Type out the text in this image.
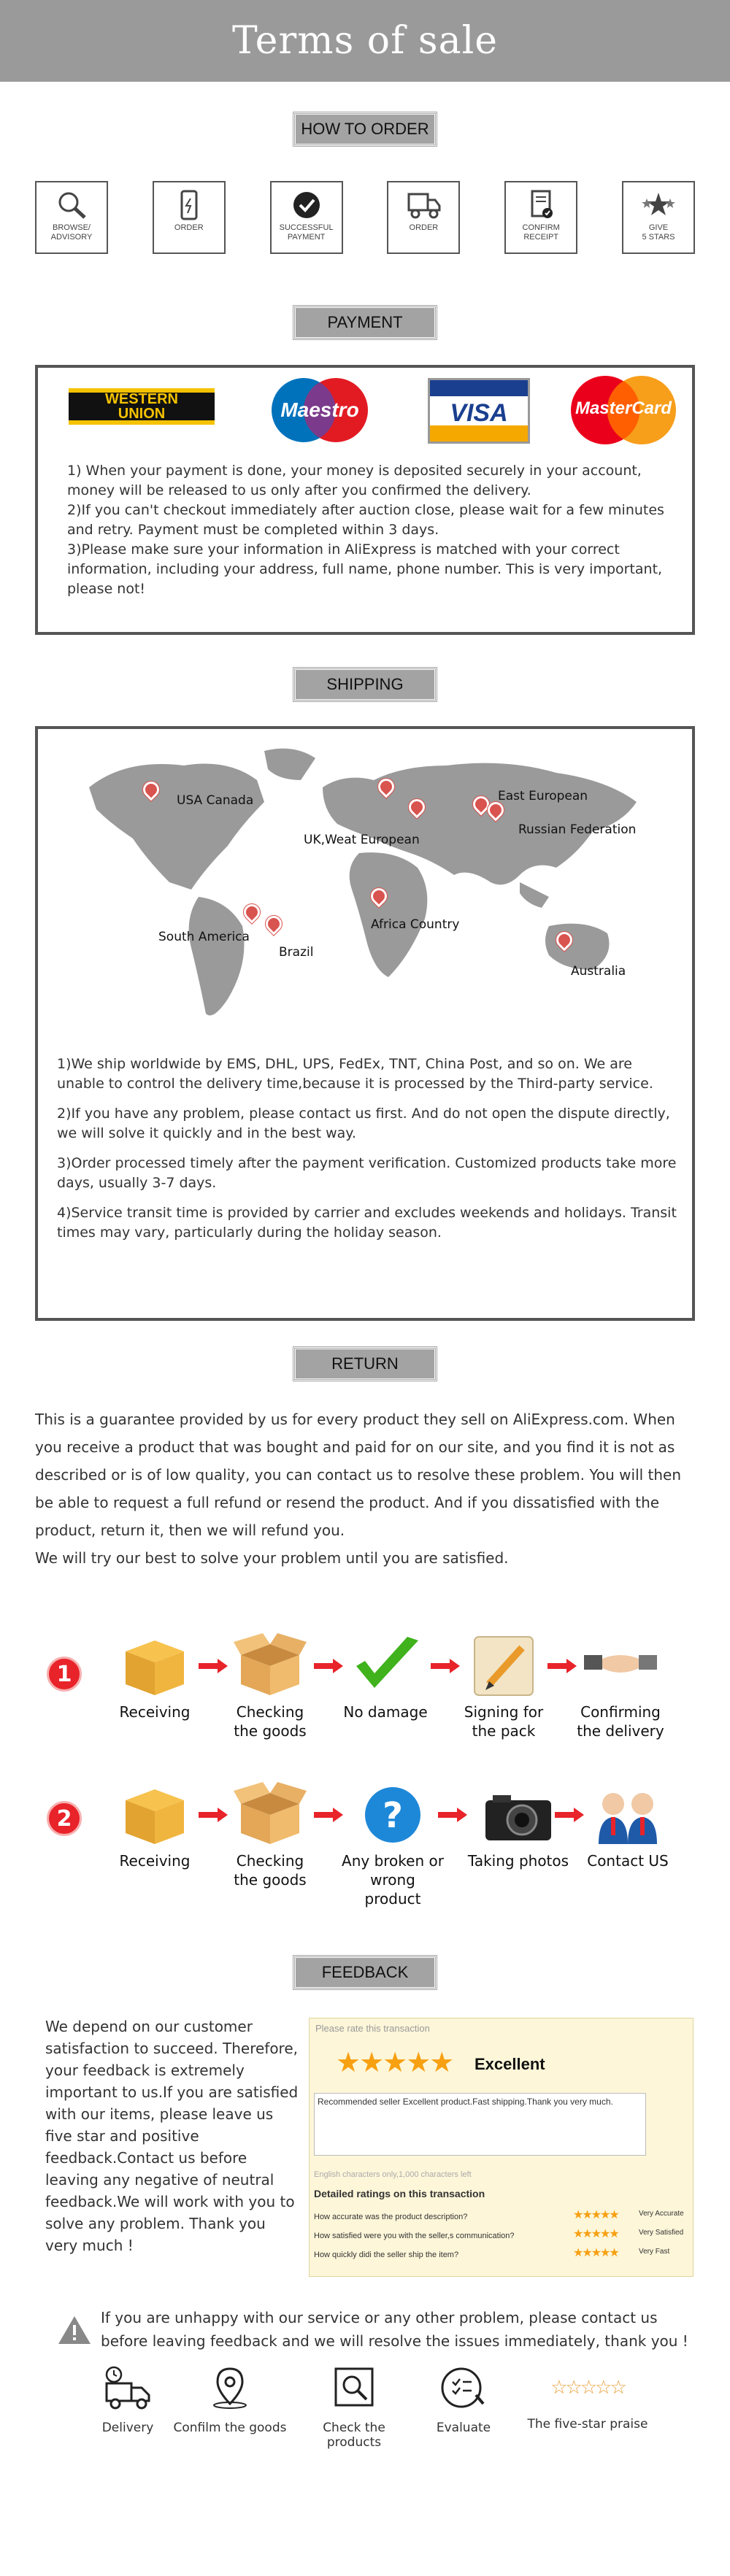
Terms of sale
HOW TO ORDER
BROWSE/
ADVISORY
ORDER	SUCCESSFUL
PAYMENT
ORDER	CONFIRM
RECEIPT
GIVE
5 STARS
PAYMENT
WESTERN
UNION	Maestro	VISA	MasterCard

1) When your payment is done, your money is deposited securely in your account, money will be released to us only after you confirmed the delivery.

2)If you can't checkout immediately after auction close, please wait for a few minutes and retry. Payment must be completed within 3 days.

3)Please make sure your information in AliExpress is matched with your correct information, including your address, full name, phone number. This is very important, please not!

SHIPPING
USA Canada
UK,Weat European
East European
Russian Federation
South America
Brazil
Africa Country
Australia

1)We ship worldwide by EMS, DHL, UPS, FedEx, TNT, China Post, and so on. We are unable to control the delivery time,because it is processed by the Third-party service.

2)If you have any problem, please contact us first. And do not open the dispute directly, we will solve it quickly and in the best way.

3)Order processed timely after the payment verification. Customized products take more days, usually 3-7 days.

4)Service transit time is provided by carrier and excludes weekends and holidays. Transit times may vary, particularly during the holiday season.

RETURN

This is a guarantee provided by us for every product they sell on AliExpress.com. When you receive a product that was bought and paid for on our site, and you find it is not as described or is of low quality, you can contact us to resolve these problem. You will then be able to request a full refund or resend the product. And if you dissatisfied with the product, return it, then we will refund you.

We will try our best to solve your problem until you are satisfied.

1
Receiving	Checking the goods
No damage	Signing for the pack
Confirming the delivery
2
Receiving	Checking the goods
?
Any broken or wrong product
Taking photos Contact US
FEEDBACK

We depend on our customer satisfaction to succeed. Therefore, your feedback is extremely important to us.If you are satisfied with our items, please leave us five star and positive feedback.Contact us before leaving any negative of neutral feedback.We will work with you to solve any problem. Thank you very much !

Please rate this transaction
★★★★★ Excellent
Recommended seller Excellent product.Fast shipping.Thank you very much.
English characters only,1,000 characters left
Detailed ratings on this transaction
How accurate was the product description?	★★★★★	Very Accurate
How satisfied were you with the seller,s communication?	★★★★★	Very Satisfied
How quickly didi the seller ship the item?	★★★★★	Very Fast
If you are unhappy with our service or any other problem, please contact us before leaving feedback and we will resolve the issues immediately, thank you !
Delivery	Confilm the goods	Check the products
Evaluate
☆☆☆☆☆
The five-star praise
